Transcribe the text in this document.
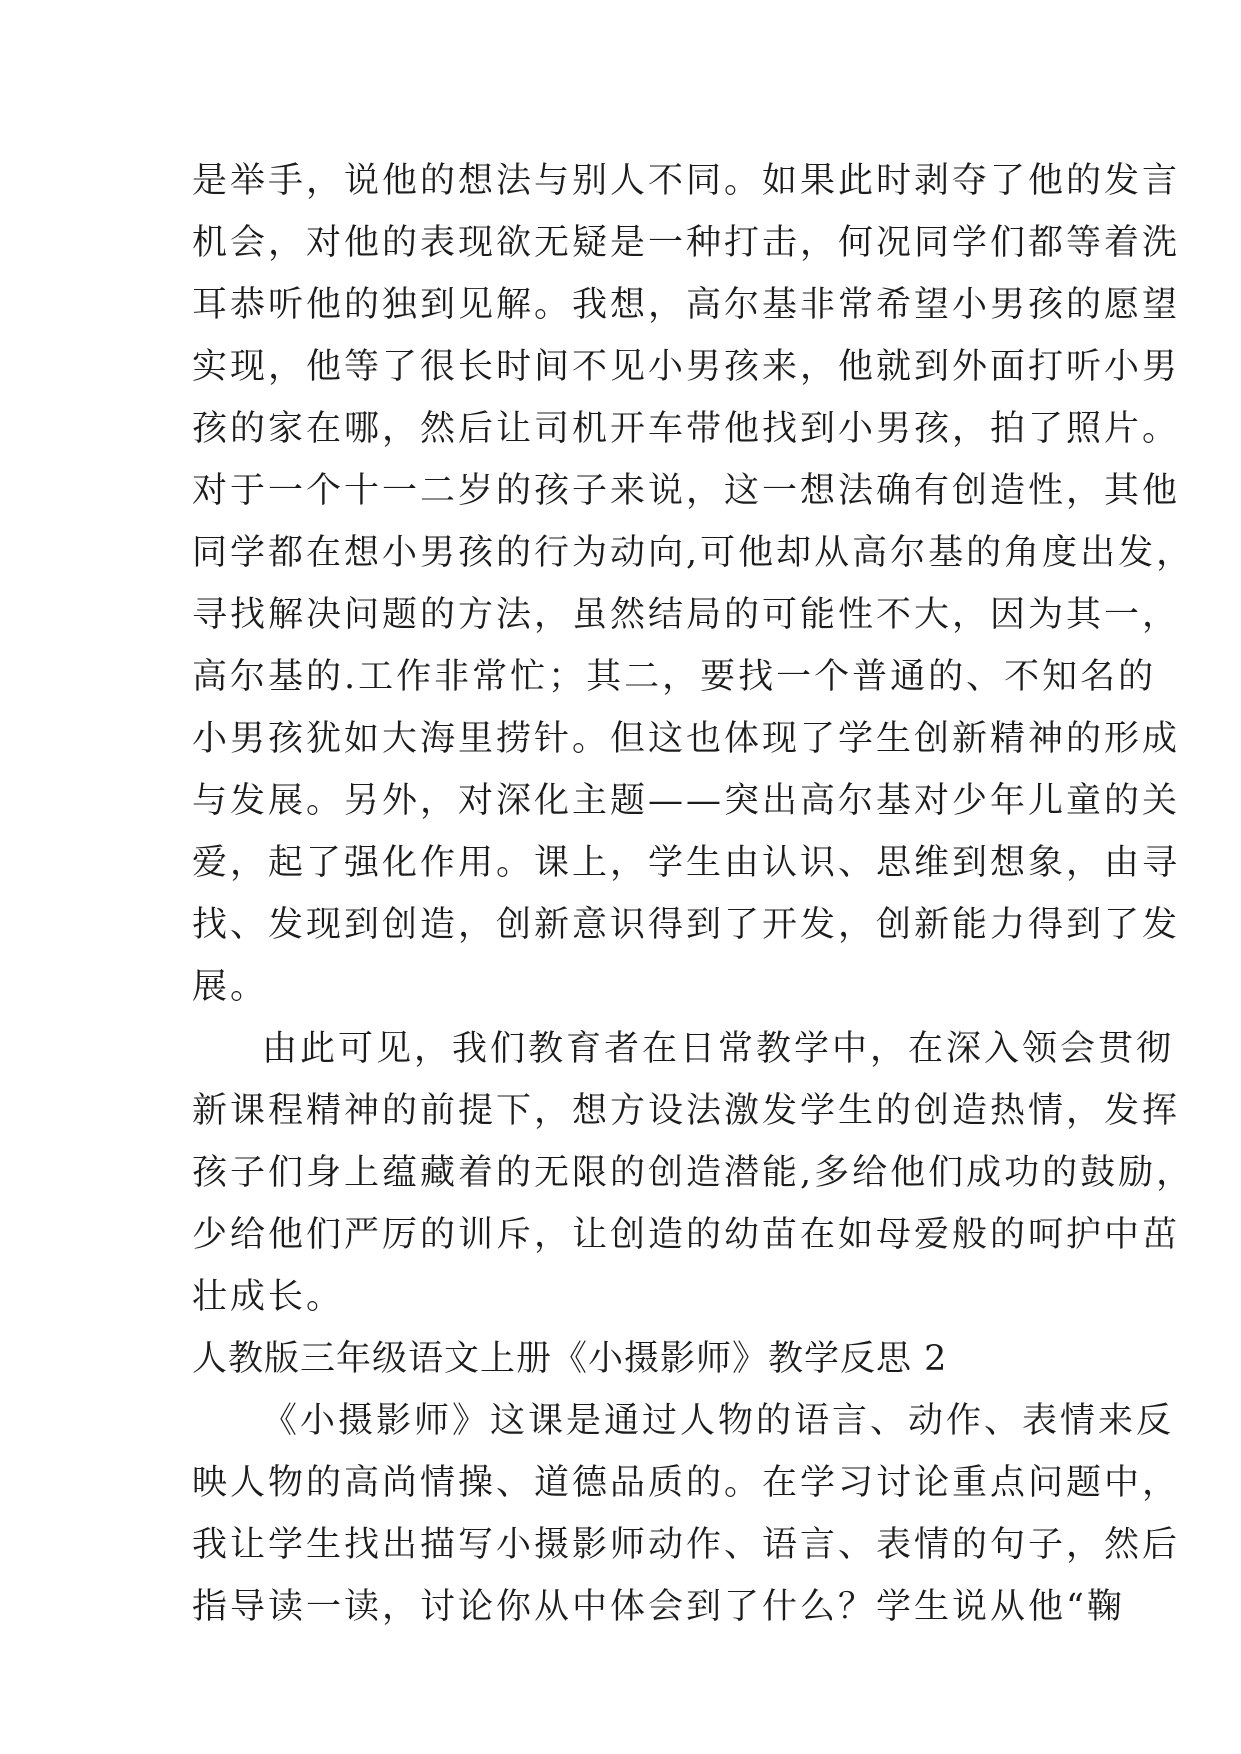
是举手，说他的想法与别人不同。如果此时剥夺了他的发言
机会，对他的表现欲无疑是一种打击，何况同学们都等着洗
耳恭听他的独到见解。我想，高尔基非常希望小男孩的愿望
实现，他等了很长时间不见小男孩来，他就到外面打听小男
孩的家在哪，然后让司机开车带他找到小男孩，拍了照片。
对于一个十一二岁的孩子来说，这一想法确有创造性，其他
同学都在想小男孩的行为动向,可他却从高尔基的角度出发，
寻找解决问题的方法，虽然结局的可能性不大，因为其一，
高尔基的.工作非常忙；其二，要找一个普通的、不知名的
小男孩犹如大海里捞针。但这也体现了学生创新精神的形成
与发展。另外，对深化主题——突出高尔基对少年儿童的关
爱，起了强化作用。课上，学生由认识、思维到想象，由寻
找、发现到创造，创新意识得到了开发，创新能力得到了发
展。
由此可见，我们教育者在日常教学中，在深入领会贯彻
新课程精神的前提下，想方设法激发学生的创造热情，发挥
孩子们身上蕴藏着的无限的创造潜能,多给他们成功的鼓励，
少给他们严厉的训斥，让创造的幼苗在如母爱般的呵护中茁
壮成长。
人教版三年级语文上册《小摄影师》教学反思 2
《小摄影师》这课是通过人物的语言、动作、表情来反
映人物的高尚情操、道德品质的。在学习讨论重点问题中，
我让学生找出描写小摄影师动作、语言、表情的句子，然后
指导读一读，讨论你从中体会到了什么？学生说从他“鞠
